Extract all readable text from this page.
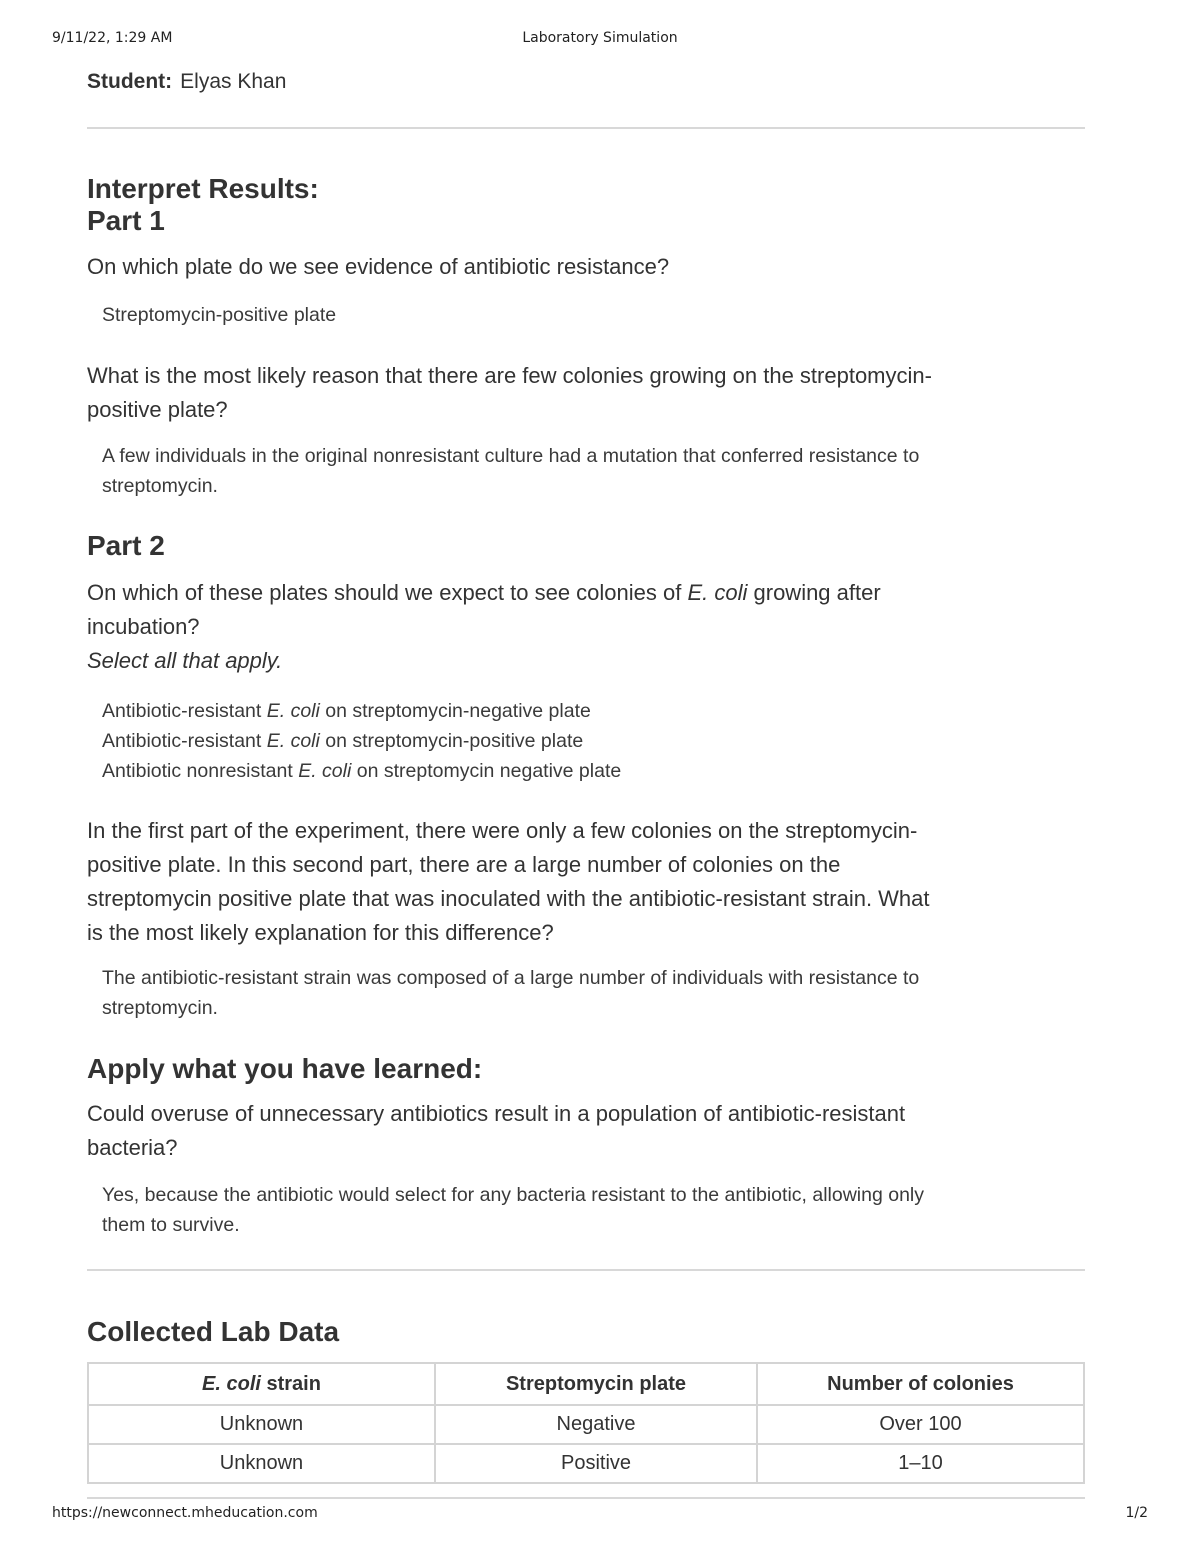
9/11/22, 1:29 AM	Laboratory Simulation
Student: Elyas Khan

Interpret Results:

Part 1

On which plate do we see evidence of antibiotic resistance?

Streptomycin-positive plate

What is the most likely reason that there are few colonies growing on the streptomycin-

positive plate?

A few individuals in the original nonresistant culture had a mutation that conferred resistance to

streptomycin.

Part 2

On which of these plates should we expect to see colonies of E. coli growing after

incubation?

Select all that apply.

Antibiotic-resistant E. coli on streptomycin-negative plate

Antibiotic-resistant E. coli on streptomycin-positive plate

Antibiotic nonresistant E. coli on streptomycin negative plate

In the first part of the experiment, there were only a few colonies on the streptomycin-

positive plate. In this second part, there are a large number of colonies on the

streptomycin positive plate that was inoculated with the antibiotic-resistant strain. What

is the most likely explanation for this difference?

The antibiotic-resistant strain was composed of a large number of individuals with resistance to

streptomycin.

Apply what you have learned:

Could overuse of unnecessary antibiotics result in a population of antibiotic-resistant

bacteria?

Yes, because the antibiotic would select for any bacteria resistant to the antibiotic, allowing only

them to survive.

Collected Lab Data

E. coli strain	Streptomycin plate	Number of colonies
Unknown	Negative	Over 100
Unknown	Positive	1–10
https://newconnect.mheducation.com	1/2
